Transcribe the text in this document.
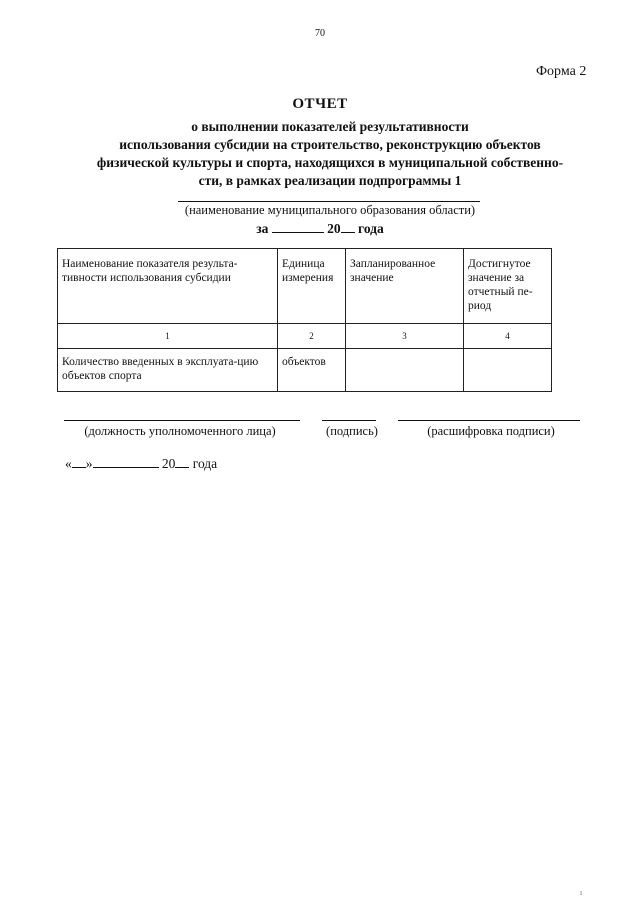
70
Форма 2
ОТЧЕТ
о выполнении показателей результативности
использования субсидии на строительство, реконструкцию объектов
физической культуры и спорта, находящихся в муниципальной собственно-
сти, в рамках реализации подпрограммы 1
(наименование муниципального образования области)
за	20 года
Наименование показателя результа-тивности использования субсидии	Единица измерения	Запланированное значение	Достигнутое значение за отчетный пе-риод
1	2	3	4
Количество введенных в эксплуата-цию объектов спорта	объектов		
(должность уполномоченного лица)	(подпись)	(расшифровка подписи)
« »	20 года
ı
